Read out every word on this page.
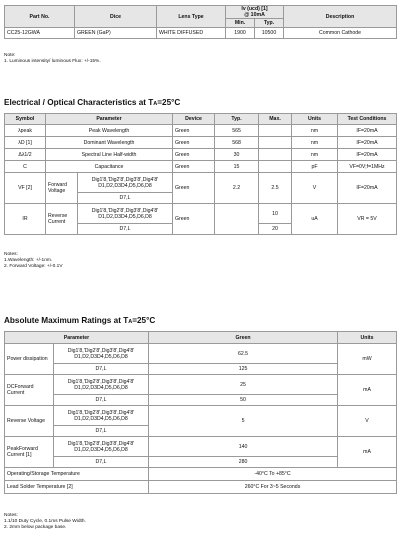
Part No.	Dice	Lens Type	Iv (ucd) [1]
@ 10mA		Description
			Min.	Typ.	
CC25-12GWA	GREEN (GaP)	WHITE DIFFUSED	1900	10500	Common Cathode
Note:
1. Luminous intensity/ luminous Flux: +/-15%.
Electrical / Optical Characteristics at TA=25°C
Symbol	Parameter		Device	Typ.	Max.	Units	Test Conditions
λpeak	Peak Wavelength		Green	565		nm	IF=20mA
λD [1]	Dominant Wavelength		Green	568		nm	IF=20mA
Δλ1/2	Spectral Line Half-width		Green	30		nm	IF=20mA
C	Capacitance		Green	15		pF	VF=0V;f=1MHz
VF [2]	Forward Voltage	Dig1'8,'Dig2'8',Dig3'8',Dig4'8'
D1,D2,D3D4,D5,D6,D8	Green	2.2	2.5	V	IF=20mA
		D7,L					
IR	Reverse Current	Dig1'8,'Dig2'8',Dig3'8',Dig4'8'
D1,D2,D3D4,D5,D6,D8	Green		10	uA	VR = 5V
		D7,L			20		
Notes:
1.Wavelength: +/-1nm.
2. Forward Voltage: +/-0.1V
Absolute Maximum Ratings at TA=25°C
Parameter		Green	Units
Power dissipation	Dig1'8,'Dig2'8',Dig3'8',Dig4'8'
D1,D2,D3D4,D5,D6,D8	62.5	mW
	D7,L	125	
DCForward Current	Dig1'8,'Dig2'8',Dig3'8',Dig4'8'
D1,D2,D3D4,D5,D6,D8	25	mA
	D7,L	50	
Reverse Voltage	Dig1'8,'Dig2'8',Dig3'8',Dig4'8'
D1,D2,D3D4,D5,D6,D8	5	V
	D7,L		
PeakForward Current [1]	Dig1'8,'Dig2'8',Dig3'8',Dig4'8'
D1,D2,D3D4,D5,D6,D8	140	mA
	D7,L	280	
Operating/Storage Temperature		-40°C To +85°C	
Lead Solder Temperature [2]		260°C For 3~5 Seconds	
Notes:
1.1/10 Duty Cycle, 0.1ms Pulse Width.
2. 2mm below package base.
